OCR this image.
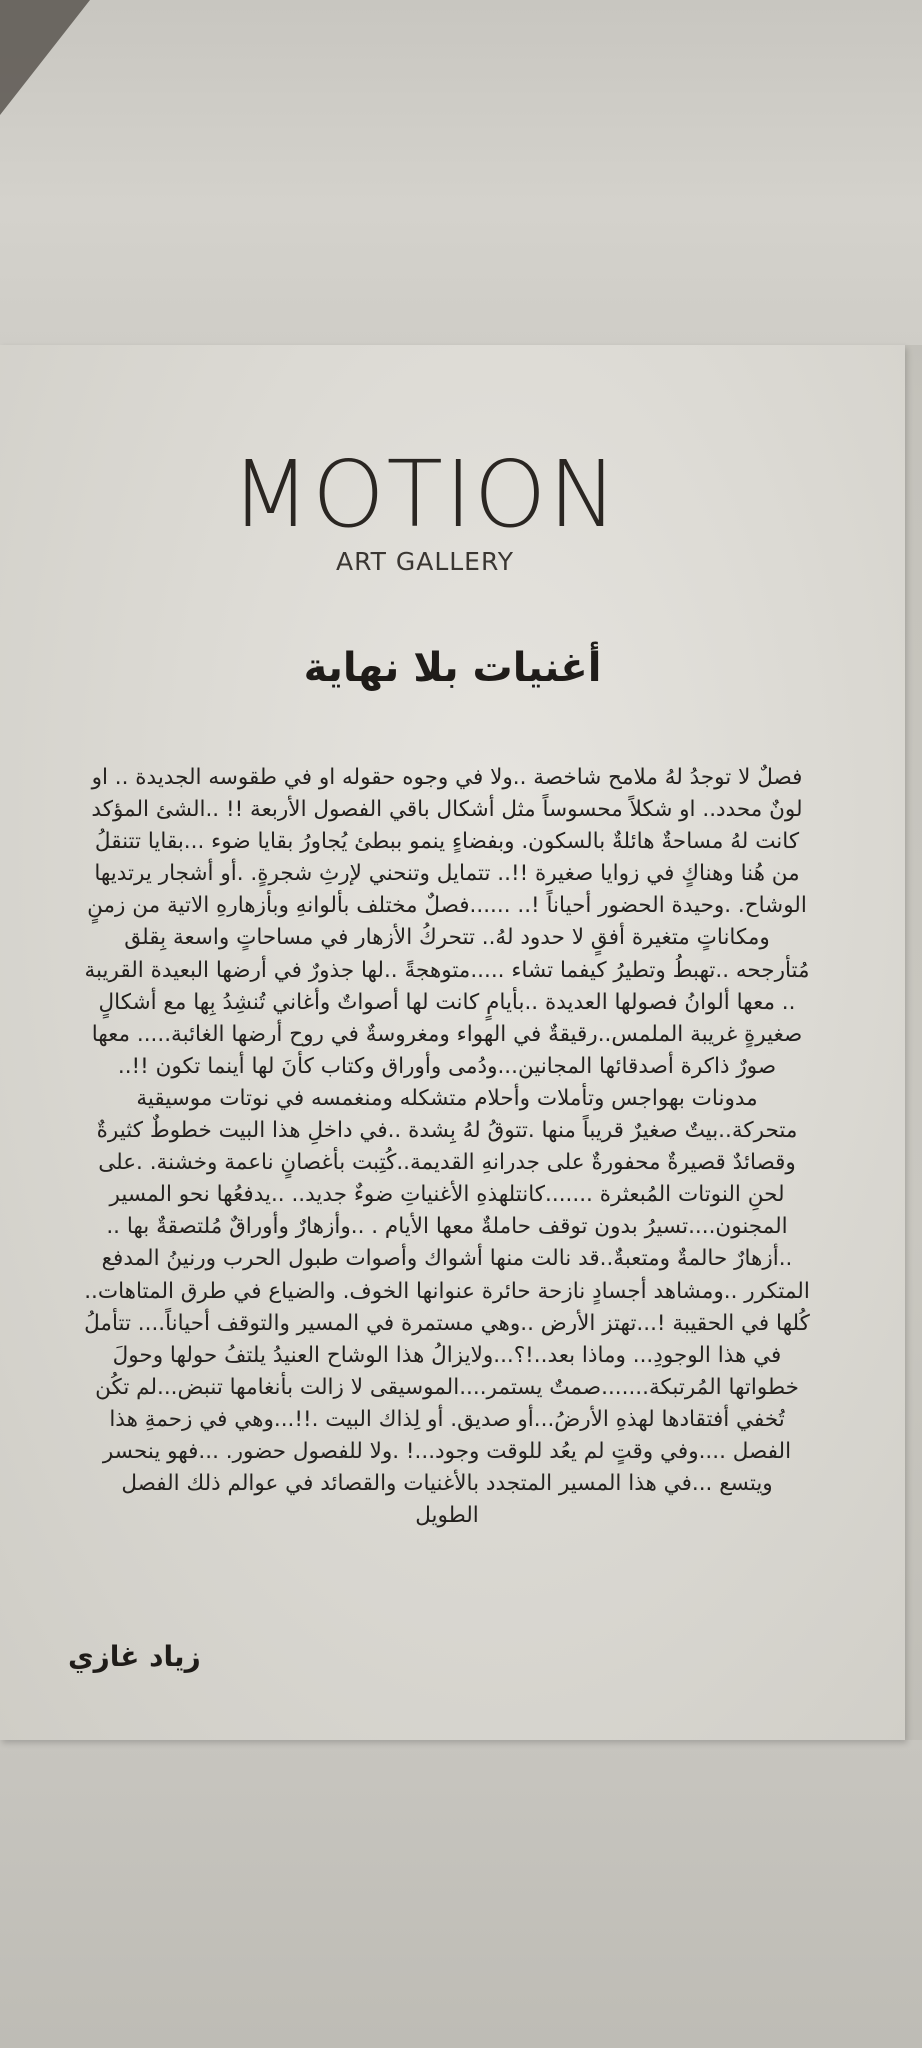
MOTION
ART GALLERY
أغنيات بلا نهاية
فصلٌ لا توجدُ لهُ ملامح شاخصة ..ولا في وجوه حقوله او في طقوسه الجديدة .. او
لونٌ محدد.. او شكلاً محسوساً مثل أشكال باقي الفصول الأربعة !! ..الشئ المؤكد
كانت لهُ مساحةٌ هائلةٌ بالسكون. وبفضاءٍ ينمو ببطئ يُجاورُ بقايا ضوء ...بقايا تتنقلُ
من هُنا وهناكٍ في زوايا صغيرة !!.. تتمايل وتنحني لإرثِ شجرةٍ. .أو أشجار يرتديها
الوشاح. .وحيدة الحضور أحياناً !.. ......فصلٌ مختلف بألوانهِ وبأزهارهِ الاتية من زمنٍ
ومكاناتٍ متغيرة أفقٍ لا حدود لهُ.. تتحركُ الأزهار في مساحاتٍ واسعة بِقلق
مُتأرجحه ..تهبطُ وتطيرُ كيفما تشاء .....متوهجةً ..لها جذورٌ في أرضها البعيدة القريبة
.. معها ألوانُ فصولها العديدة ..بأيامٍ كانت لها أصواتٌ وأغاني تُنشِدُ بِها مع أشكالٍ
صغيرةٍ غريبة الملمس..رقيقةٌ في الهواء ومغروسةٌ في روح أرضها الغائبة..... معها
صورٌ ذاكرة أصدقائها المجانين...ودُمى وأوراق وكتاب كأنَ لها أينما تكون !!..
مدونات بهواجس وتأملات وأحلام متشكله ومنغمسه في نوتات موسيقية
متحركة..بيتٌ صغيرٌ قريباً منها .تتوقُ لهُ بِشدة ..في داخلِ هذا البيت خطوطٌ كثيرةٌ
وقصائدٌ قصيرةٌ محفورةٌ على جدرانهِ القديمة..كُتِبت بأغصانٍ ناعمة وخشنة. .على
لحنِ النوتات المُبعثرة .......كانتلهذهِ الأغنياتِ ضوءٌ جديد.. ..يدفعُها نحو المسير
المجنون....تسيرُ بدون توقف حاملةٌ معها الأيام . ..وأزهارٌ وأوراقٌ مُلتصقةٌ بها ..
..أزهارٌ حالمةٌ ومتعبةٌ..قد نالت منها أشواك وأصوات طبول الحرب ورنينُ المدفع
المتكرر ..ومشاهد أجسادٍ نازحة حائرة عنوانها الخوف. والضياع في طرق المتاهات..
كُلها في الحقيبة !...تهتز الأرض ..وهي مستمرة في المسير والتوقف أحياناً.... تتأملُ
في هذا الوجودِ... وماذا بعد..!؟...ولايزالُ هذا الوشاح العنيدُ يلتفُ حولها وحولَ
خطواتها المُرتبكة.......صمتٌ يستمر....الموسيقى لا زالت بأنغامها تنبض...لم تكُن
تُخفي أفتقادها لهذهِ الأرضُ...أو صديق. أو لِذاك البيت .!!...وهي في زحمةِ هذا
الفصل ....وفي وقتٍ لم يعُد للوقت وجود...! .ولا للفصول حضور. ...فهو ينحسر
ويتسع ...في هذا المسير المتجدد بالأغنيات والقصائد في عوالم ذلك الفصل
الطويل
زياد غازي
